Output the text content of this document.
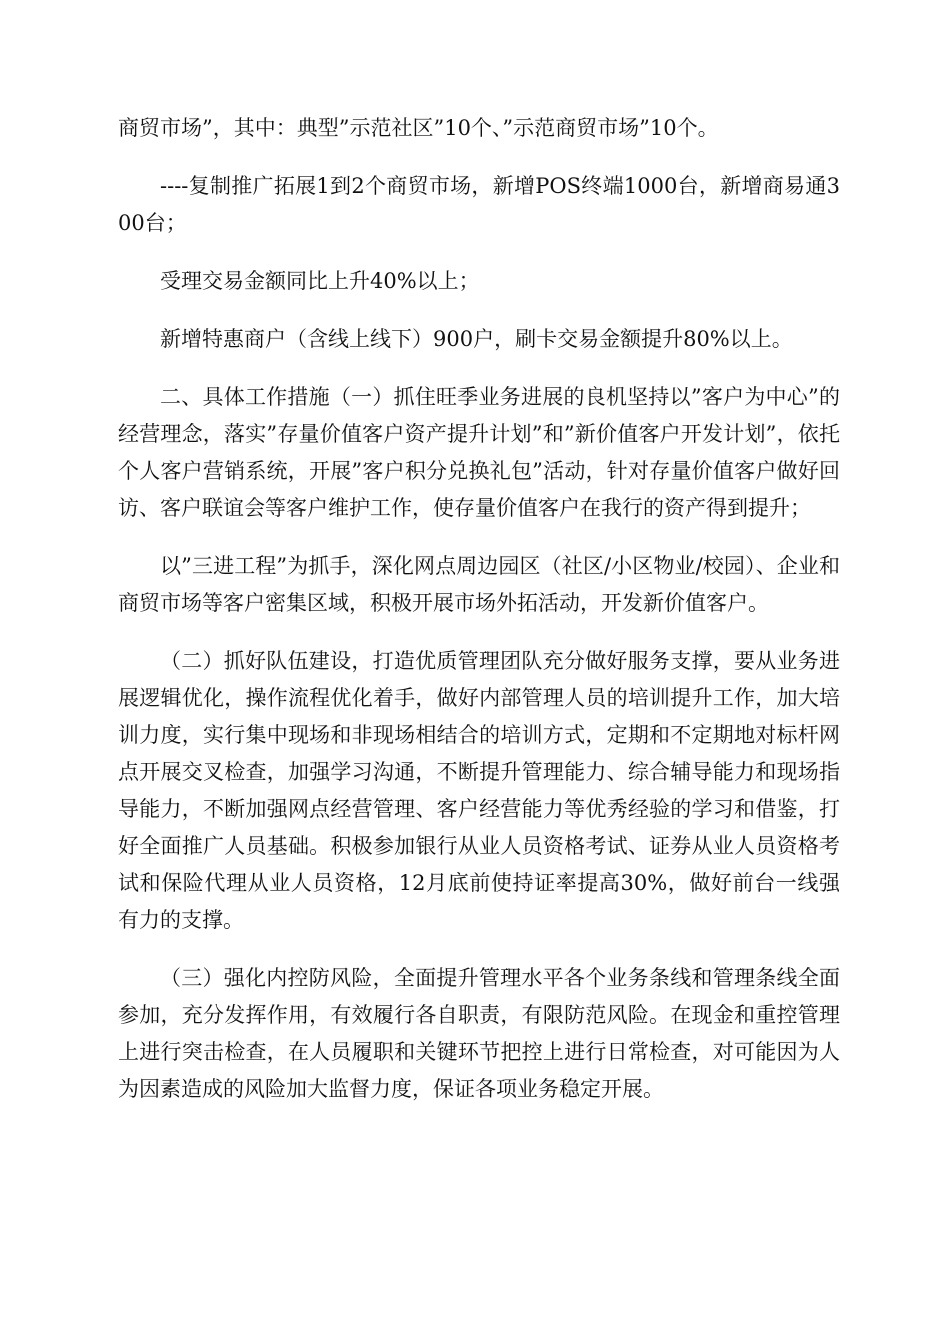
商贸市场”，其中：典型”示范社区”10个、”示范商贸市场”10个。

----复制推广拓展1到2个商贸市场，新增POS终端1000台，新增商易通300台；

受理交易金额同比上升40%以上；

新增特惠商户（含线上线下）900户，刷卡交易金额提升80%以上。

二、具体工作措施（一）抓住旺季业务进展的良机坚持以”客户为中心”的经营理念，落实”存量价值客户资产提升计划”和”新价值客户开发计划”，依托个人客户营销系统，开展”客户积分兑换礼包”活动，针对存量价值客户做好回访、客户联谊会等客户维护工作，使存量价值客户在我行的资产得到提升；

以”三进工程”为抓手，深化网点周边园区（社区/小区物业/校园）、企业和商贸市场等客户密集区域，积极开展市场外拓活动，开发新价值客户。

（二）抓好队伍建设，打造优质管理团队充分做好服务支撑，要从业务进展逻辑优化，操作流程优化着手，做好内部管理人员的培训提升工作，加大培训力度，实行集中现场和非现场相结合的培训方式，定期和不定期地对标杆网点开展交叉检查，加强学习沟通，不断提升管理能力、综合辅导能力和现场指导能力，不断加强网点经营管理、客户经营能力等优秀经验的学习和借鉴，打好全面推广人员基础。积极参加银行从业人员资格考试、证券从业人员资格考试和保险代理从业人员资格，12月底前使持证率提高30%，做好前台一线强有力的支撑。

（三）强化内控防风险，全面提升管理水平各个业务条线和管理条线全面参加，充分发挥作用，有效履行各自职责，有限防范风险。在现金和重控管理上进行突击检查，在人员履职和关键环节把控上进行日常检查，对可能因为人为因素造成的风险加大监督力度，保证各项业务稳定开展。
